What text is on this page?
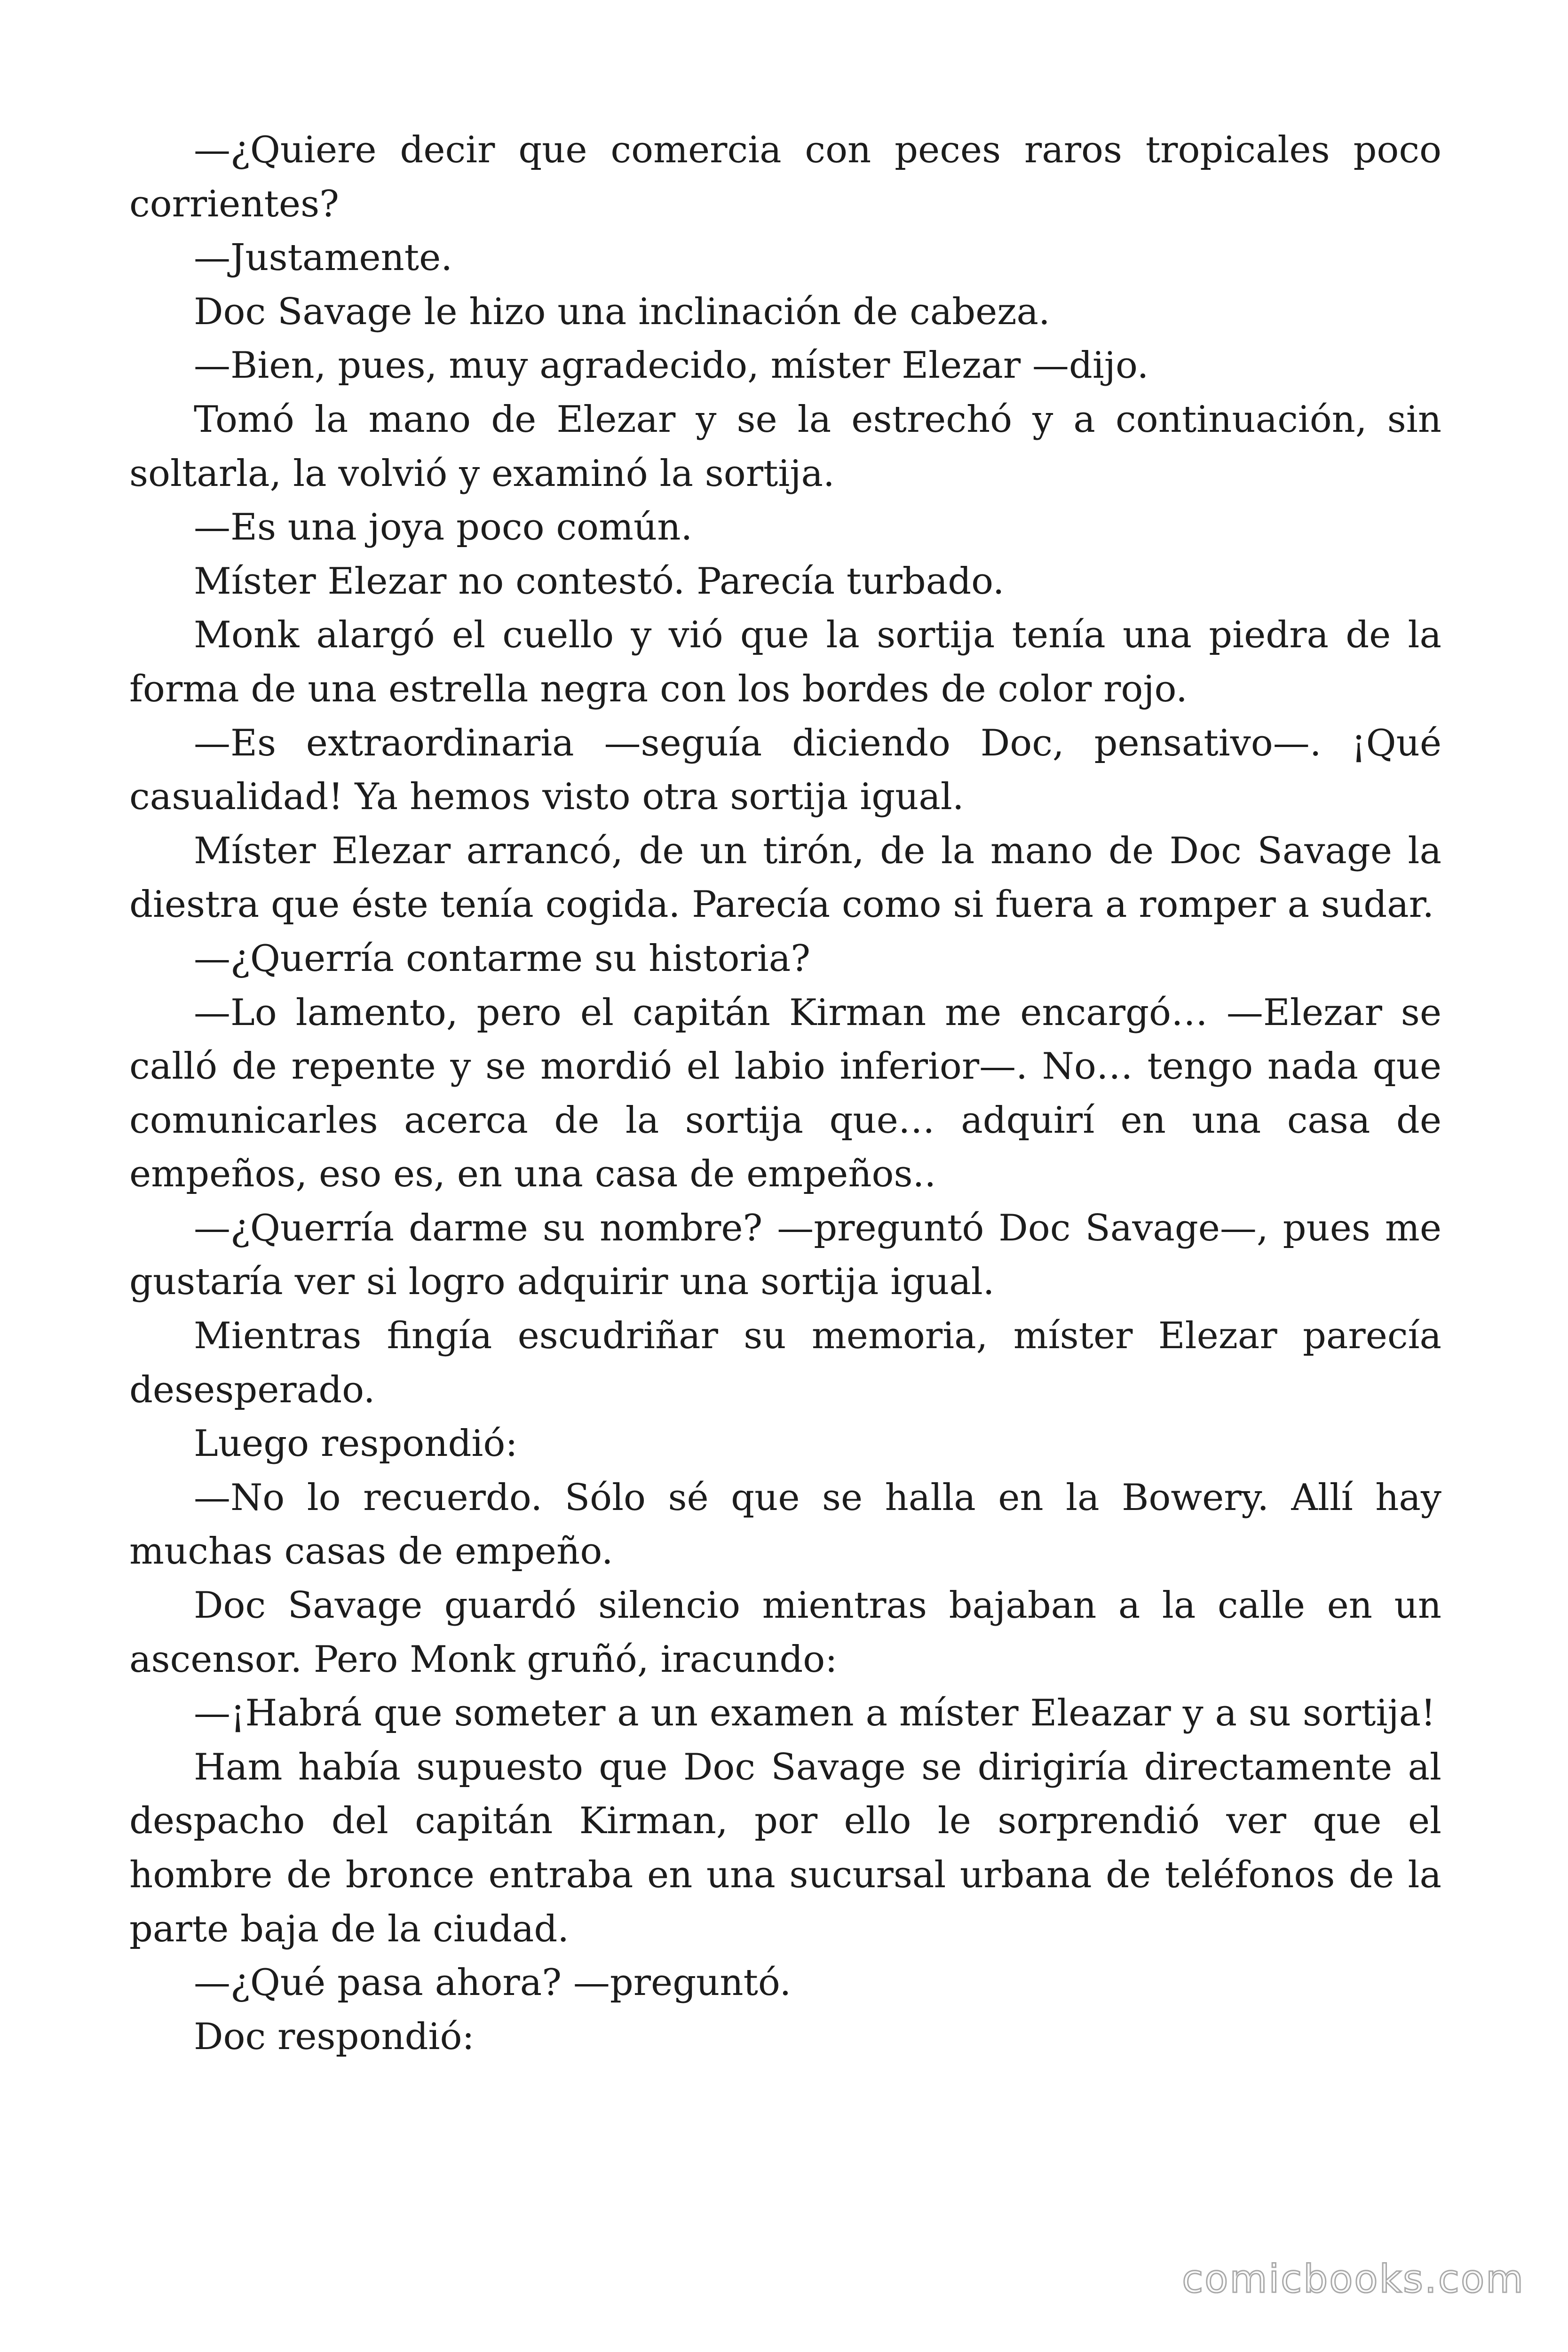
—¿Quiere decir que comercia con peces raros tropicales poco corrientes?

—Justamente.

Doc Savage le hizo una inclinación de cabeza.

—Bien, pues, muy agradecido, míster Elezar —dijo.

Tomó la mano de Elezar y se la estrechó y a continuación, sin soltarla, la volvió y examinó la sortija.

—Es una joya poco común.

Míster Elezar no contestó. Parecía turbado.

Monk alargó el cuello y vió que la sortija tenía una piedra de la forma de una estrella negra con los bordes de color rojo.

—Es extraordinaria —seguía diciendo Doc, pensativo—. ¡Qué casualidad! Ya hemos visto otra sortija igual.

Míster Elezar arrancó, de un tirón, de la mano de Doc Savage la diestra que éste tenía cogida. Parecía como si fuera a romper a sudar.

—¿Querría contarme su historia?

—Lo lamento, pero el capitán Kirman me encargó… —Elezar se calló de repente y se mordió el labio inferior—. No… tengo nada que comunicarles acerca de la sortija que… adquirí en una casa de empeños, eso es, en una casa de empeños..

—¿Querría darme su nombre? —preguntó Doc Savage—, pues me gustaría ver si logro adquirir una sortija igual.

Mientras fingía escudriñar su memoria, míster Elezar parecía desesperado.

Luego respondió:

—No lo recuerdo. Sólo sé que se halla en la Bowery. Allí hay muchas casas de empeño.

Doc Savage guardó silencio mientras bajaban a la calle en un ascensor. Pero Monk gruñó, iracundo:

—¡Habrá que someter a un examen a míster Eleazar y a su sortija!

Ham había supuesto que Doc Savage se dirigiría directamente al despacho del capitán Kirman, por ello le sorprendió ver que el hombre de bronce entraba en una sucursal urbana de teléfonos de la parte baja de la ciudad.

—¿Qué pasa ahora? —preguntó.

Doc respondió:

comicbooks.com
